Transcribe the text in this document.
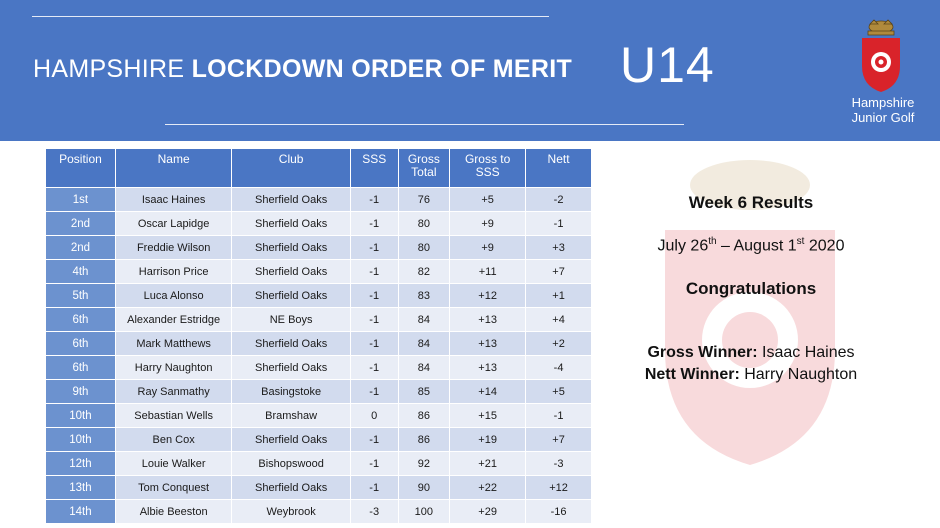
HAMPSHIRE LOCKDOWN ORDER OF MERIT U14
Hampshire
Junior Golf
Position	Name	Club	SSS	Gross Total	Gross to SSS	Nett
1st	Isaac Haines	Sherfield Oaks	-1	76	+5	-2
2nd	Oscar Lapidge	Sherfield Oaks	-1	80	+9	-1
2nd	Freddie Wilson	Sherfield Oaks	-1	80	+9	+3
4th	Harrison Price	Sherfield Oaks	-1	82	+11	+7
5th	Luca Alonso	Sherfield Oaks	-1	83	+12	+1
6th	Alexander Estridge	NE Boys	-1	84	+13	+4
6th	Mark Matthews	Sherfield Oaks	-1	84	+13	+2
6th	Harry Naughton	Sherfield Oaks	-1	84	+13	-4
9th	Ray Sanmathy	Basingstoke	-1	85	+14	+5
10th	Sebastian Wells	Bramshaw	0	86	+15	-1
10th	Ben Cox	Sherfield Oaks	-1	86	+19	+7
12th	Louie Walker	Bishopswood	-1	92	+21	-3
13th	Tom Conquest	Sherfield Oaks	-1	90	+22	+12
14th	Albie Beeston	Weybrook	-3	100	+29	-16
Week 6 Results
July 26th – August 1st 2020
Congratulations
Gross Winner: Isaac Haines
Nett Winner: Harry Naughton
